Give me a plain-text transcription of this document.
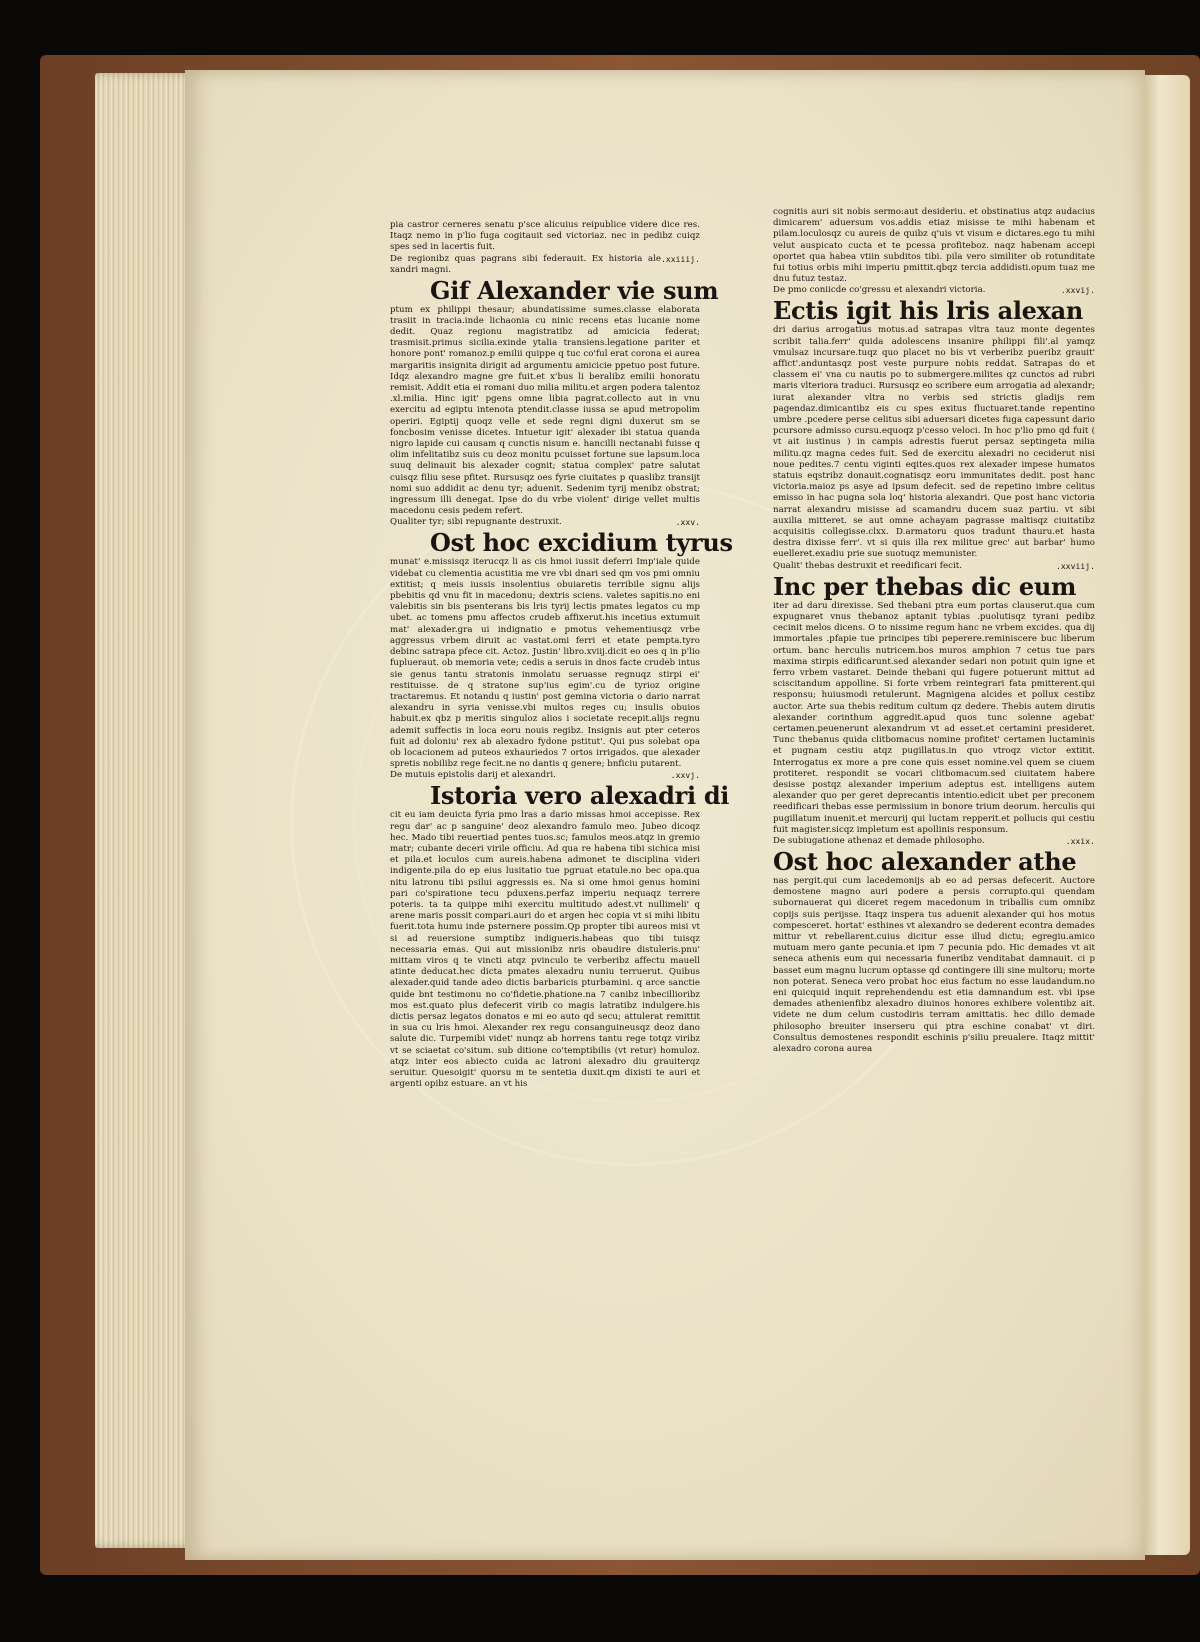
pia castror cerneres senatu p'sce alicuius reipublice videre dice res. Itaqz nemo in p'lio fuga cogitauit sed victoriaz. nec in pedibz cuiqz spes sed in lacertis fuit.

De regionibz quas pagrans sibi federauit. Ex historia ale xandri magni.
.xxiiij.
Gif Alexander vie sum

ptum ex philippi thesaur; abundatissime sumes.classe elaborata trasiit in tracia.inde lichaonia cu ninic recens etas lucanie nome dedit. Quaz regionu magistratibz ad amicicia federat; trasmisit.primus sicilia.exinde ytalia transiens.legatione pariter et honore pont' romanoz.p emilii quippe q tuc co'ful erat corona ei aurea margaritis insignita dirigit ad argumentu amicicie ppetuo post future. Idqz alexandro magne gre fuit.et x'bus li beralibz emilii honoratu remisit. Addit etia ei romani duo milia militu.et argen podera talentoz .xl.milia. Hinc igit' pgens omne libia pagrat.collecto aut in vnu exercitu ad egiptu intenota ptendit.classe iussa se apud metropolim operiri. Egiptij quoqz velle et sede regni digni duxerut sm se foncbosim venisse dicetes. Intuetur igit' alexader ibi statua quanda nigro lapide cui causam q cunctis nisum e. hancilli nectanabi fuisse q olim infelitatibz suis cu deoz monitu pcuisset fortune sue lapsum.loca suuq delinauit bis alexader cognit; statua complex' patre salutat cuisqz filiu sese pfitet. Rursusqz oes fyrie ciuitates p quaslibz transijt nomi suo addidit ac denu tyr; aduenit. Sedenim tyrij menibz obstrat; ingressum illi denegat. Ipse do du vrbe violent' dirige vellet multis macedonu cesis pedem refert.

Qualiter tyr; sibi repugnante destruxit.	.xxv.
Ost hoc excidium tyrus

munat' e.missisqz iterucqz li as cis hmoi iussit deferri Imp'iale quide videbat cu clementia acustitia me vre vbi dnari sed qm vos pmi omniu extitist; q meis iussis insolentius obuiaretis terribile signu alijs pbebitis qd vnu fit in macedonu; dextris sciens. valetes sapitis.no eni valebitis sin bis psenterans bis lris tyrij lectis pmates legatos cu mp ubet. ac tomens pmu affectos crudeb affixerut.his incetius extumuit mat' alexader.gra ui indignatio e pmotus vehementiusqz vrbe aggressus vrbem diruit ac vastat.omi ferri et etate pempta.tyro debinc satrapa pfece cit. Actoz. Justin' libro.xviij.dicit eo oes q in p'lio fuplueraut. ob memoria vete; cedis a seruis in dnos facte crudeb intus sie genus tantu stratonis inmolatu seruasse regnuqz stirpi ei' restituisse. de q stratone sup'ius egim'.cu de tyrioz origine tractaremus. Et notandu q iustin' post gemina victoria o dario narrat alexandru in syria venisse.vbi multos reges cu; insulis obuios habuit.ex qbz p meritis singuloz alios i societate recepit.alijs regnu ademit suffectis in loca eoru nouis regibz. Insignis aut pter ceteros fuit ad doloniu' rex ab alexadro fydone pstitut'. Qui pus solebat opa ob locacionem ad puteos exhauriedos 7 ortos irrigados. que alexader spretis nobilibz rege fecit.ne no dantis q genere; bnficiu putarent.

De mutuis epistolis darij et alexandri.	.xxvj.
Istoria vero alexadri di

cit eu iam deuicta fyria pmo lras a dario missas hmoi accepisse. Rex regu dar' ac p sanguine' deoz alexandro famulo meo. Jubeo dicoqz hec. Mado tibi reuertiad pentes tuos.sc; famulos meos.atqz in gremio matr; cubante deceri virile officiu. Ad qua re habena tibi sichica misi et pila.et loculos cum aureis.habena admonet te disciplina videri indigente.pila do ep eius lusitatio tue pgruat etatule.no bec opa.qua nitu latronu tibi psilui aggressis es. Na si ome hmoi genus homini pari co'spiratione tecu pduxens.perfaz imperiu nequaqz terrere poteris. ta ta quippe mihi exercitu multitudo adest.vt nullimeli' q arene maris possit compari.auri do et argen hec copia vt si mihi libitu fuerit.tota humu inde psternere possim.Qp propter tibi aureos misi vt si ad reuersione sumptibz indigueris.habeas quo tibi tuisqz necessaria emas. Qui aut missionibz nris obaudire distuleris.pnu' mittam viros q te vincti atqz pvinculo te verberibz affectu mauell atinte deducat.hec dicta pmates alexadru nuniu terruerut. Quibus alexader.quid tande adeo dictis barbaricis pturbamini. q arce sanctie quide bnt testimonu no co'fidetie.phatione.na 7 canibz inbecillioribz mos est.quato plus defecerit virib co magis latratibz indulgere.his dictis persaz legatos donatos e mi eo auto qd secu; attulerat remittit in sua cu lris hmoi. Alexander rex regu consanguineusqz deoz dano salute dic. Turpemibi videt' nunqz ab horrens tantu rege totqz viribz vt se sciaetat co'situm. sub ditione co'temptibilis (vt retur) homuloz. atqz inter eos abiecto cuida ac latroni alexadro diu grauiterqz seruitur. Quesoigit' quorsu m te sentetia duxit.qm dixisti te auri et argenti opibz estuare. an vt his

cognitis auri sit nobis sermo:aut desideriu. et obstinatius atqz audacius dimicarem' aduersum vos.addis etiaz misisse te mihi habenam et pilam.loculosqz cu aureis de quibz q'uis vt visum e dictares.ego tu mihi velut auspicato cucta et te pcessa profiteboz. naqz habenam accepi oportet qua habea vtiin subditos tibi. pila vero similiter ob rotunditate fui totius orbis mihi imperiu pmittit.qbqz tercia addidisti.opum tuaz me dnu futuz testaz.

De pmo coniicde co'gressu et alexandri victoria.	.xxvij.
Ectis igit his lris alexan

dri darius arrogatius motus.ad satrapas vltra tauz monte degentes scribit talia.ferr' quida adolescens insanire philippi fili'.al yamqz vmulsaz incursare.tuqz quo placet no bis vt verberibz pueribz grauit' affict'.anduntasqz post veste purpure nobis reddat. Satrapas do et classem ei' vna cu nautis po to submergere.milites qz cunctos ad rubri maris vlteriora traduci. Rursusqz eo scribere eum arrogatia ad alexandr; iurat alexander vltra no verbis sed strictis gladijs rem pagendaz.dimicantibz eis cu spes exitus fluctuaret.tande repentino umbre .pcedere perse celitus sibi aduersari dicetes fuga capessunt dario pcursore admisso cursu.equoqz p'cesso veloci. In hoc p'lio pmo qd fuit ( vt ait iustinus ) in campis adrestis fuerut persaz septingeta milia militu.qz magna cedes fuit. Sed de exercitu alexadri no ceciderut nisi noue pedites.7 centu viginti eqites.quos rex alexader impese humatos statuis eqstribz donauit.cognatisqz eoru immunitates dedit. post hanc victoria.maioz ps asye ad ipsum defecit. sed de repetino imbre celitus emisso in hac pugna sola loq' historia alexandri. Que post hanc victoria narrat alexandru misisse ad scamandru ducem suaz partiu. vt sibi auxilia mitteret. se aut omne achayam pagrasse maltisqz ciuitatibz acquisitis collegisse.clxx. D.armatoru quos tradunt thauru.et hasta destra dixisse ferr'. vt si quis illa rex militue grec' aut barbar' humo euelleret.exadiu prie sue suotuqz memunister.

Qualit' thebas destruxit et reedificari fecit.	.xxviij.
Inc per thebas dic eum

iter ad daru direxisse. Sed thebani ptra eum portas clauserut.qua cum expugnaret vnus thebanoz aptanit tybias .puolutisqz tyrani pedibz cecinit melos dicens. O to nissime regum hanc ne vrbem excides. qua dij immortales .pfapie tue principes tibi peperere.reminiscere buc liberum ortum. banc herculis nutricem.bos muros amphion 7 cetus tue pars maxima stirpis edificarunt.sed alexander sedari non potuit quin igne et ferro vrbem vastaret. Deinde thebani qui fugere potuerunt mittut ad sciscitandum appolline. Si forte vrbem reintegrari fata pmitterent.qui responsu; huiusmodi retulerunt. Magnigena alcides et pollux cestibz auctor. Arte sua thebis reditum cultum qz dedere. Thebis autem dirutis alexander corinthum aggredit.apud quos tunc solenne agebat' certamen.peuenerunt alexandrum vt ad esset.et certamini presideret. Tunc thebanus quida clitbomacus nomine profitet' certamen luctaminis et pugnam cestiu atqz pugillatus.in quo vtroqz victor extitit. Interrogatus ex more a pre cone quis esset nomine.vel quem se ciuem protiteret. respondit se vocari clitbomacum.sed ciuitatem habere desisse postqz alexander imperium adeptus est. intelligens autem alexander quo per geret deprecantis intentio.edicit ubet per preconem reedificari thebas esse permissium in bonore trium deorum. herculis qui pugillatum inuenit.et mercurij qui luctam repperit.et pollucis qui cestiu fuit magister.sicqz impletum est apollinis responsum.

De subiugatione athenaz et demade philosopho.	.xxix.
Ost hoc alexander athe

nas pergit.qui cum lacedemonijs ab eo ad persas defecerit. Auctore demostene magno auri podere a persis corrupto.qui quendam subornauerat qui diceret regem macedonum in triballis cum omnibz copijs suis perijsse. Itaqz inspera tus aduenit alexander qui hos motus compesceret. hortat' esthines vt alexandro se dederent econtra demades mittur vt rebellarent.cuius dicitur esse illud dictu; egregiu.amico mutuam mero gante pecunia.et ipm 7 pecunia pdo. Hic demades vt ait seneca athenis eum qui necessaria funeribz venditabat damnauit. ci p basset eum magnu lucrum optasse qd contingere illi sine multoru; morte non poterat. Seneca vero probat hoc eius factum no esse laudandum.no eni quicquid inquit reprehendendu est etia damnandum est. vbi ipse demades athenienfibz alexadro diuinos honores exhibere volentibz ait. videte ne dum celum custodiris terram amittatis. hec dillo demade philosopho breuiter inserseru qui ptra eschine conabat' vt diri. Consultus demostenes respondit eschinis p'siliu preualere. Itaqz mittit' alexadro corona aurea
